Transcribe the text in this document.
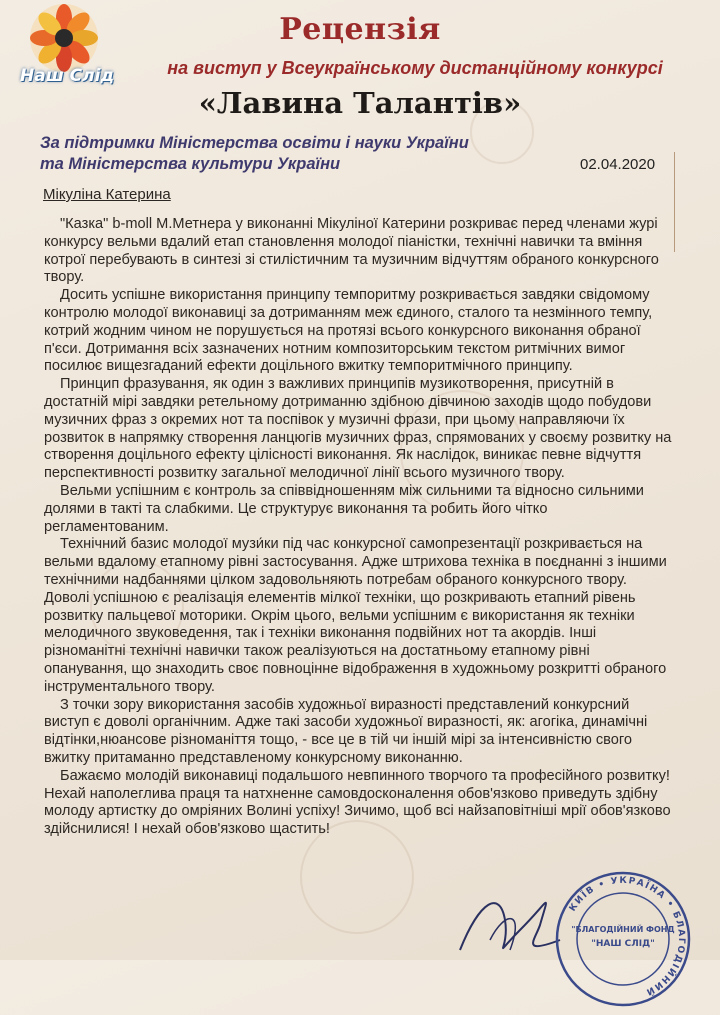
Наш Слід
Рецензія
на виступ у Всеукраїнському дистанційному конкурсі
«Лавина Талантів»
За підтримки Міністерства освіти і науки України
та Міністерства культури України	02.04.2020
Мікуліна Катерина

"Казка" b-moll М.Метнера у виконанні Мікуліної Катерини розкриває перед членами журі конкурсу вельми вдалий етап становлення молодої піаністки, технічні навички та вміння котрої перебувають в синтезі зі стилістичним та музичним відчуттям обраного конкурсного твору.

Досить успішне використання принципу темпоритму розкривається завдяки свідомому контролю молодої виконавиці за дотриманням меж єдиного, сталого та незмінного темпу, котрий жодним чином не порушується на протязі всього конкурсного виконання обраної п'єси. Дотримання всіх зазначених нотним композиторським текстом ритмічних вимог посилює вищезгаданий ефекти доцільного вжитку темпоритмічного принципу.

Принцип фразування, як один з важливих принципів музикотворення, присутній в достатній мірі завдяки ретельному дотриманню здібною дівчиною заходів щодо побудови музичних фраз з окремих нот та поспівок у музичні фрази, при цьому направляючи їх розвиток в напрямку створення ланцюгів музичних фраз, спрямованих у своєму розвитку на створення доцільного ефекту цілісності виконання. Як наслідок, виникає певне відчуття перспективності розвитку загальної мелодичної лінії всього музичного твору.

Вельми успішним є контроль за співвідношенням між сильними та відносно сильними долями в такті та слабкими. Це структурує виконання та робить його чітко регламентованим.

Технічний базис молодої музи́ки під час конкурсної самопрезентації розкривається на вельми вдалому етапному рівні застосування. Адже штрихова техніка в поєднанні з іншими технічними надбаннями цілком задовольняють потребам обраного конкурсного твору. Доволі успішною є реалізація елементів мілкої техніки, що розкривають етапний рівень розвитку пальцевої моторики. Окрім цього, вельми успішним є використання як техніки мелодичного звуковедення, так і техніки виконання подвійних нот та акордів. Інші різноманітні технічні навички також реалізуються на достатньому етапному рівні опанування, що знаходить своє повноцінне відображення в художньому розкритті обраного інструментального твору.

З точки зору використання засобів художньої виразності представлений конкурсний виступ є доволі органічним. Адже такі засоби художньої виразності, як: агогіка, динамічні відтінки,нюансове різноманіття тощо, - все це в тій чи іншій мірі за інтенсивністю свого вжитку притаманно представленому конкурсному виконанню.

Бажаємо молодій виконавиці подальшого невпинного творчого та професійного розвитку! Нехай наполеглива праця та натхненне самовдосконалення обов'язково приведуть здібну молоду артистку до омріяних Волині успіху! Зичимо, щоб всі найзаповітніші мрії обов'язково здійснилися! І нехай обов'язково щастить!

КИЇВ • УКРАЇНА • БЛАГОДІЙНИЙ
"БЛАГОДІЙНИЙ ФОНД
"НАШ СЛІД"
